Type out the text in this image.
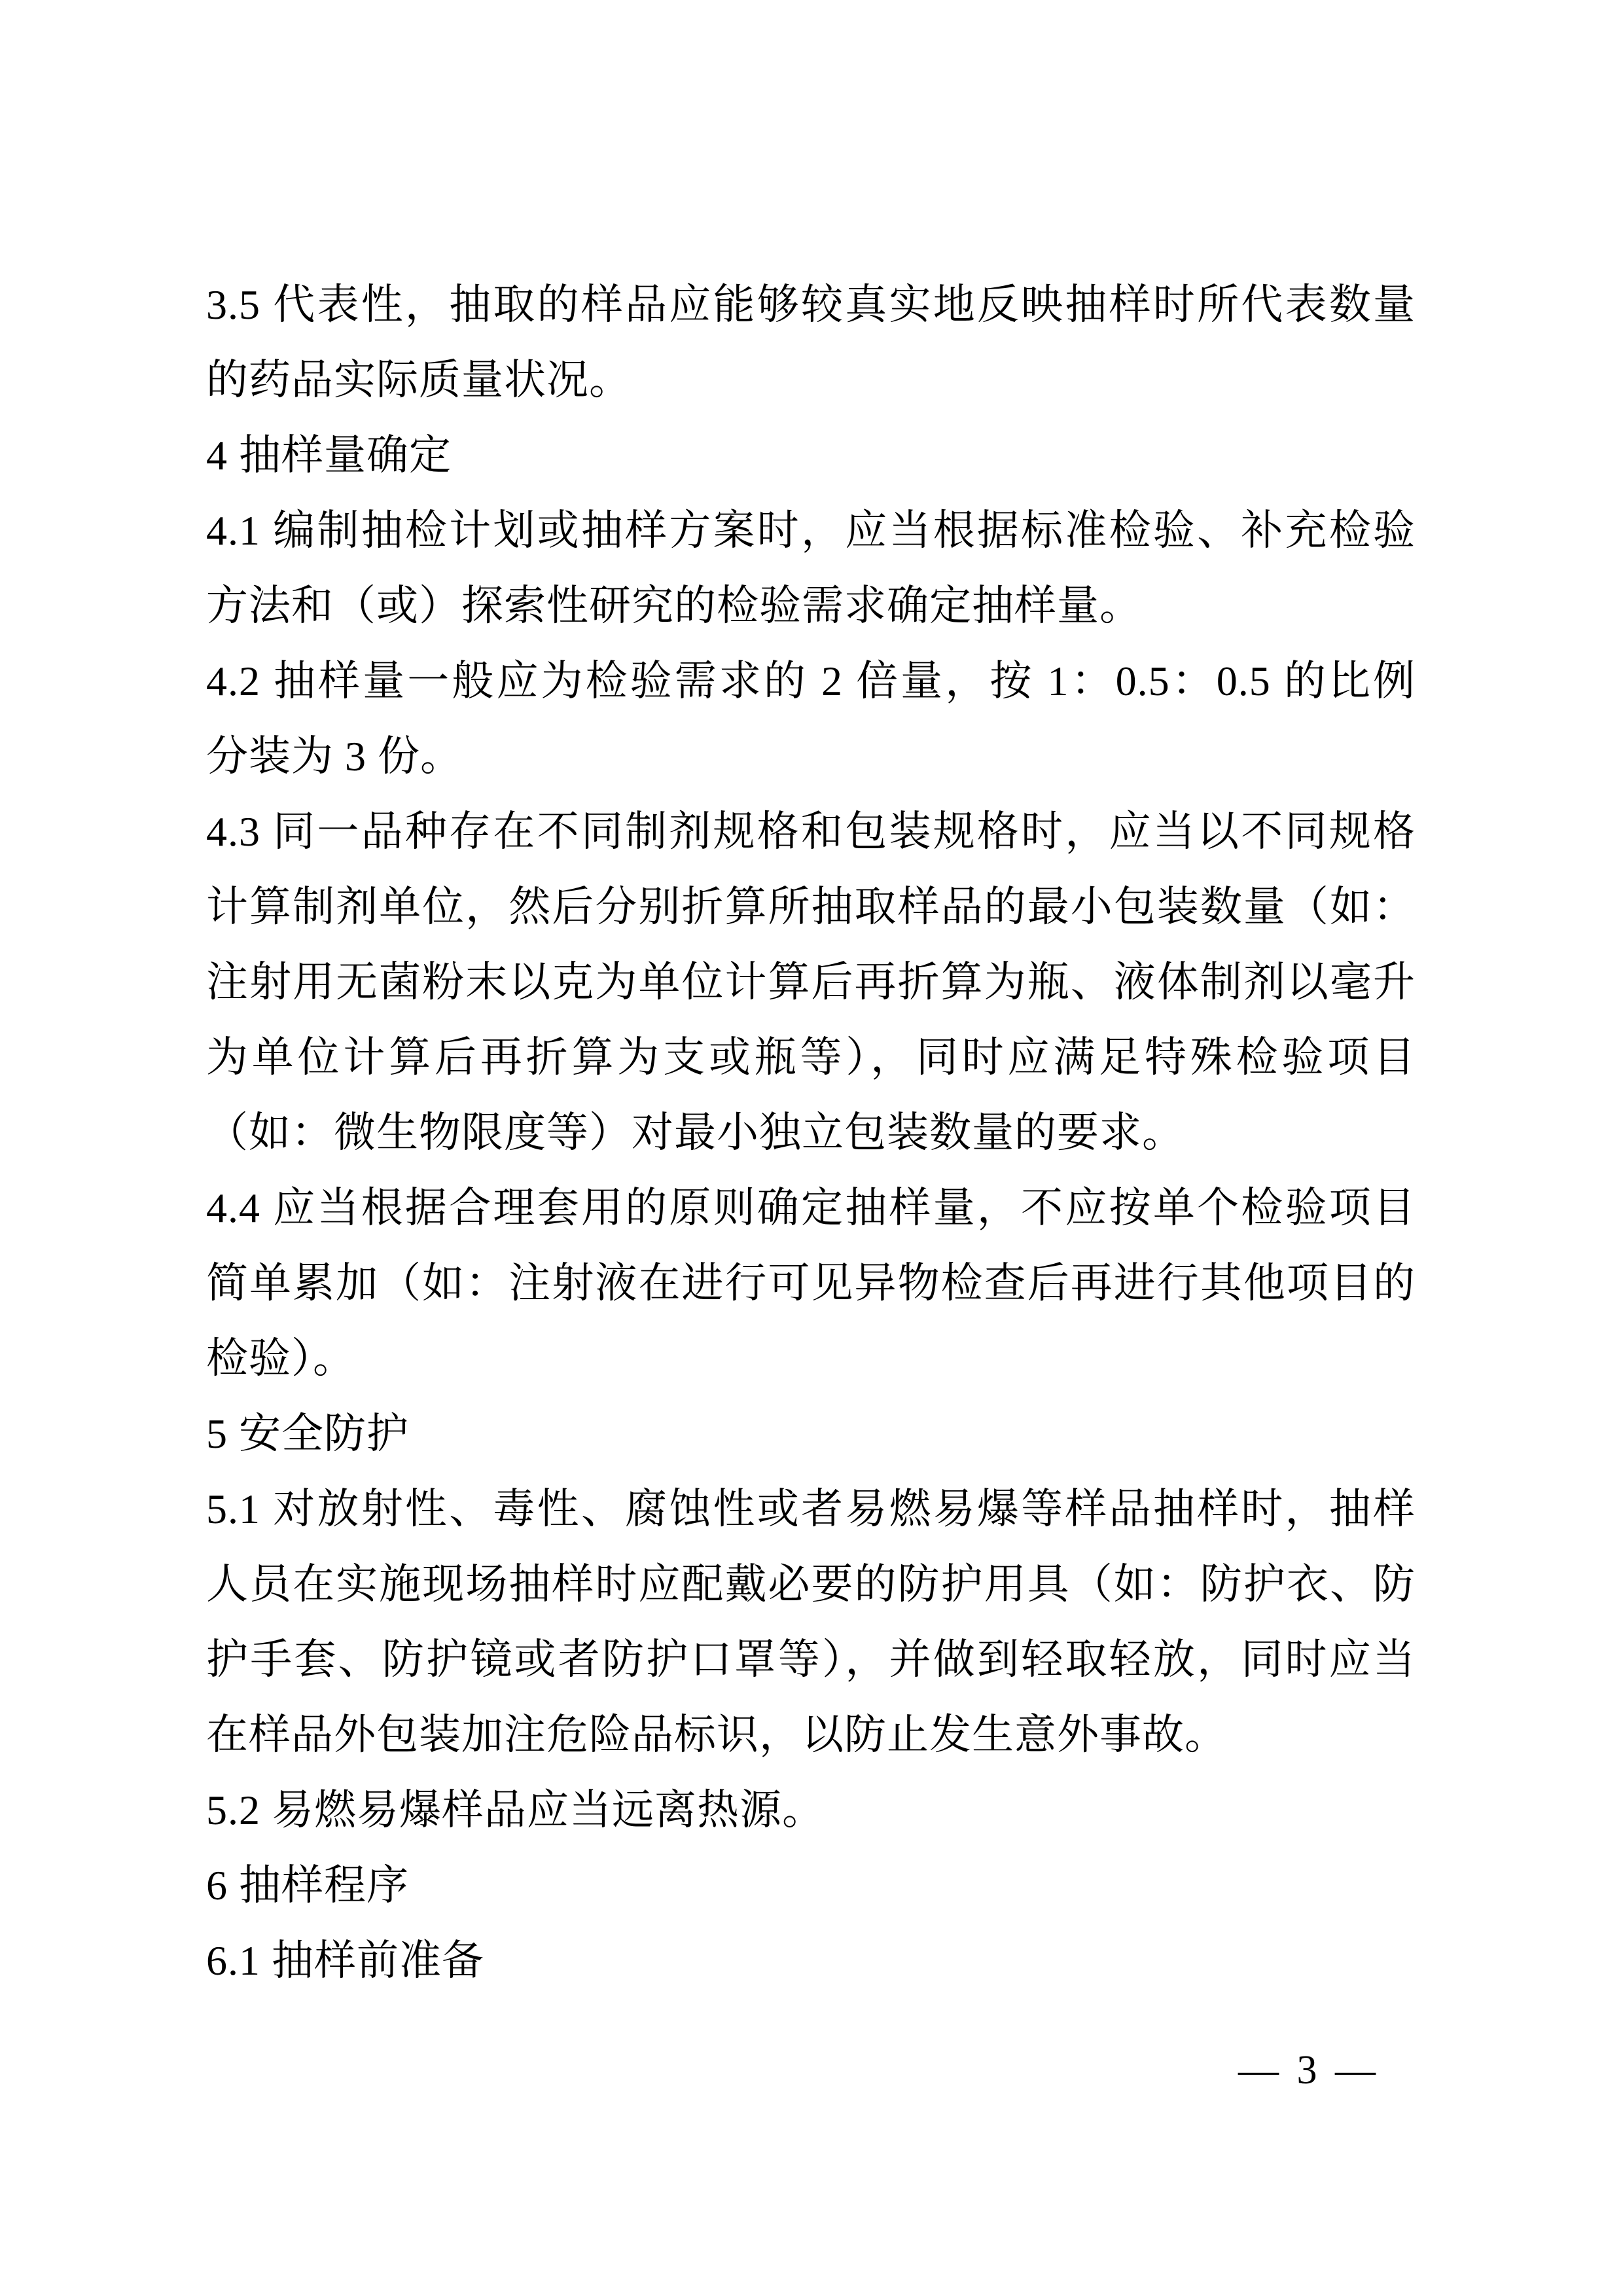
3.5 代表性，抽取的样品应能够较真实地反映抽样时所代表数量
的药品实际质量状况。
4 抽样量确定
4.1 编制抽检计划或抽样方案时，应当根据标准检验、补充检验
方法和（或）探索性研究的检验需求确定抽样量。
4.2 抽样量一般应为检验需求的 2 倍量，按 1：0.5：0.5 的比例
分装为 3 份。
4.3 同一品种存在不同制剂规格和包装规格时，应当以不同规格
计算制剂单位，然后分别折算所抽取样品的最小包装数量（如：
注射用无菌粉末以克为单位计算后再折算为瓶、液体制剂以毫升
为单位计算后再折算为支或瓶等），同时应满足特殊检验项目
（如：微生物限度等）对最小独立包装数量的要求。
4.4 应当根据合理套用的原则确定抽样量，不应按单个检验项目
简单累加（如：注射液在进行可见异物检查后再进行其他项目的
检验）。
5 安全防护
5.1 对放射性、毒性、腐蚀性或者易燃易爆等样品抽样时，抽样
人员在实施现场抽样时应配戴必要的防护用具（如：防护衣、防
护手套、防护镜或者防护口罩等），并做到轻取轻放，同时应当
在样品外包装加注危险品标识，以防止发生意外事故。
5.2 易燃易爆样品应当远离热源。
6 抽样程序
6.1 抽样前准备
— 3 —
